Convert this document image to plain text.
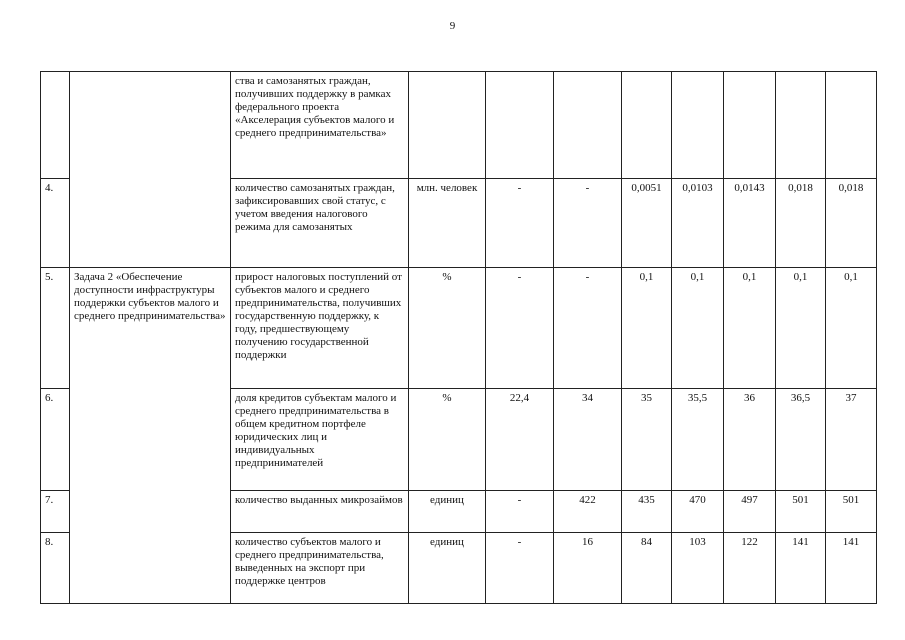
9
		ства и самозанятых граждан, получивших поддержку в рамках федерального проекта «Акселерация субъектов малого и среднего предпринимательства»								
4.		количество самозанятых граждан, зафиксировавших свой статус, с учетом введения налогового режима для самозанятых	млн. человек	-	-	0,0051	0,0103	0,0143	0,018	0,018
5.	Задача 2 «Обеспечение доступности инфраструктуры поддержки субъектов малого и среднего предпринимательства»	прирост налоговых поступлений от субъектов малого и среднего предпринимательства, получивших государственную поддержку, к году, предшествующему получению государственной поддержки	%	-	-	0,1	0,1	0,1	0,1	0,1
6.		доля кредитов субъектам малого и среднего предпринимательства в общем кредитном портфеле юридических лиц и индивидуальных предпринимателей	%	22,4	34	35	35,5	36	36,5	37
7.		количество выданных микрозаймов	единиц	-	422	435	470	497	501	501
8.		количество субъектов малого и среднего предпринимательства, выведенных на экспорт при поддержке центров	единиц	-	16	84	103	122	141	141
